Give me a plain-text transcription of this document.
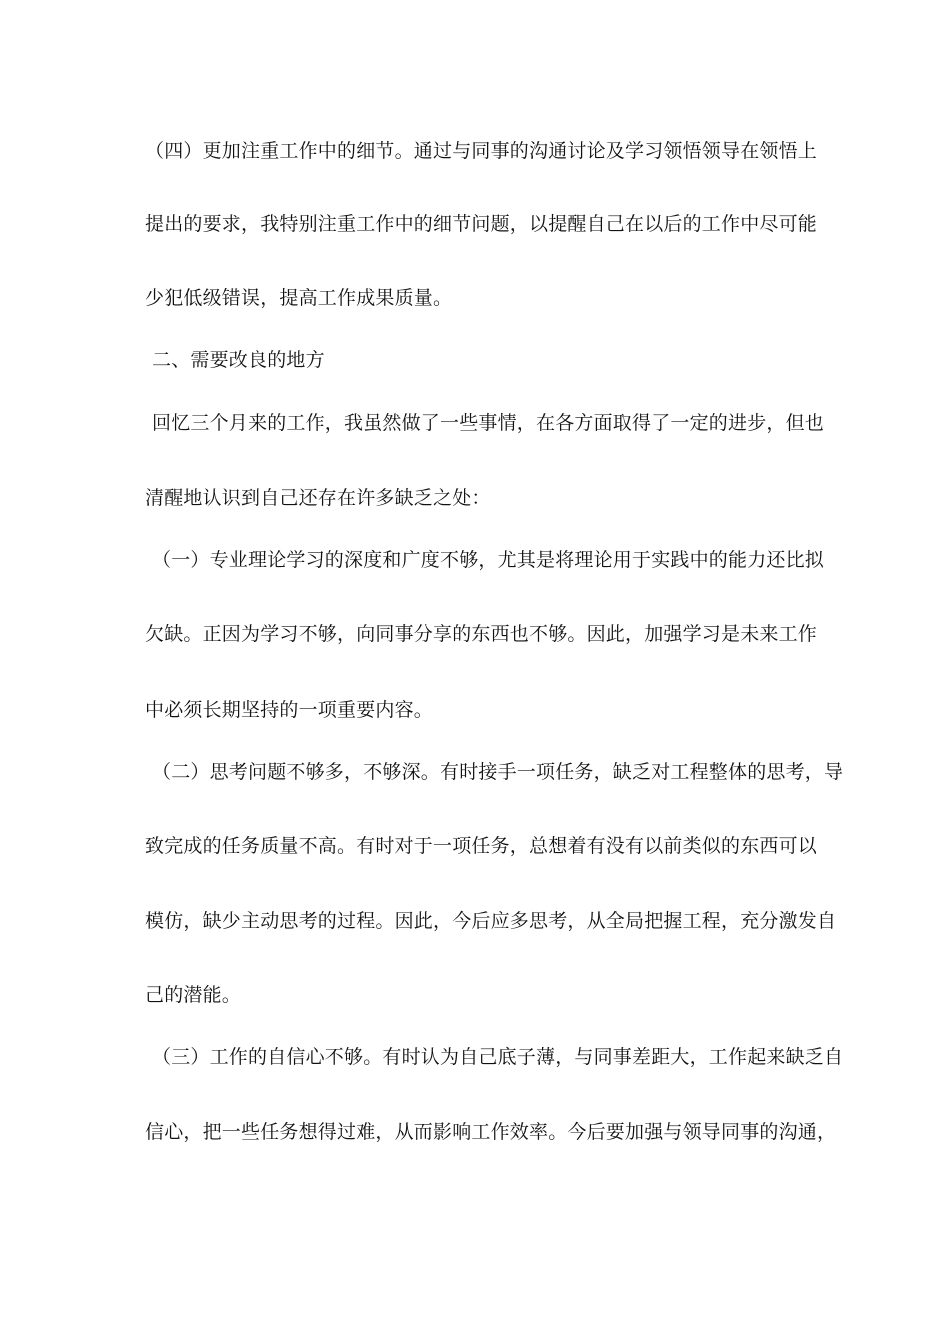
（四）更加注重工作中的细节。通过与同事的沟通讨论及学习领悟领导在领悟上
提出的要求，我特别注重工作中的细节问题，以提醒自己在以后的工作中尽可能
少犯低级错误，提高工作成果质量。
二、需要改良的地方
回忆三个月来的工作，我虽然做了一些事情，在各方面取得了一定的进步，但也
清醒地认识到自己还存在许多缺乏之处：
（一）专业理论学习的深度和广度不够，尤其是将理论用于实践中的能力还比拟
欠缺。正因为学习不够，向同事分享的东西也不够。因此，加强学习是未来工作
中必须长期坚持的一项重要内容。
（二）思考问题不够多，不够深。有时接手一项任务，缺乏对工程整体的思考，导
致完成的任务质量不高。有时对于一项任务，总想着有没有以前类似的东西可以
模仿，缺少主动思考的过程。因此，今后应多思考，从全局把握工程，充分激发自
己的潜能。
（三）工作的自信心不够。有时认为自己底子薄，与同事差距大，工作起来缺乏自
信心，把一些任务想得过难，从而影响工作效率。今后要加强与领导同事的沟通，
